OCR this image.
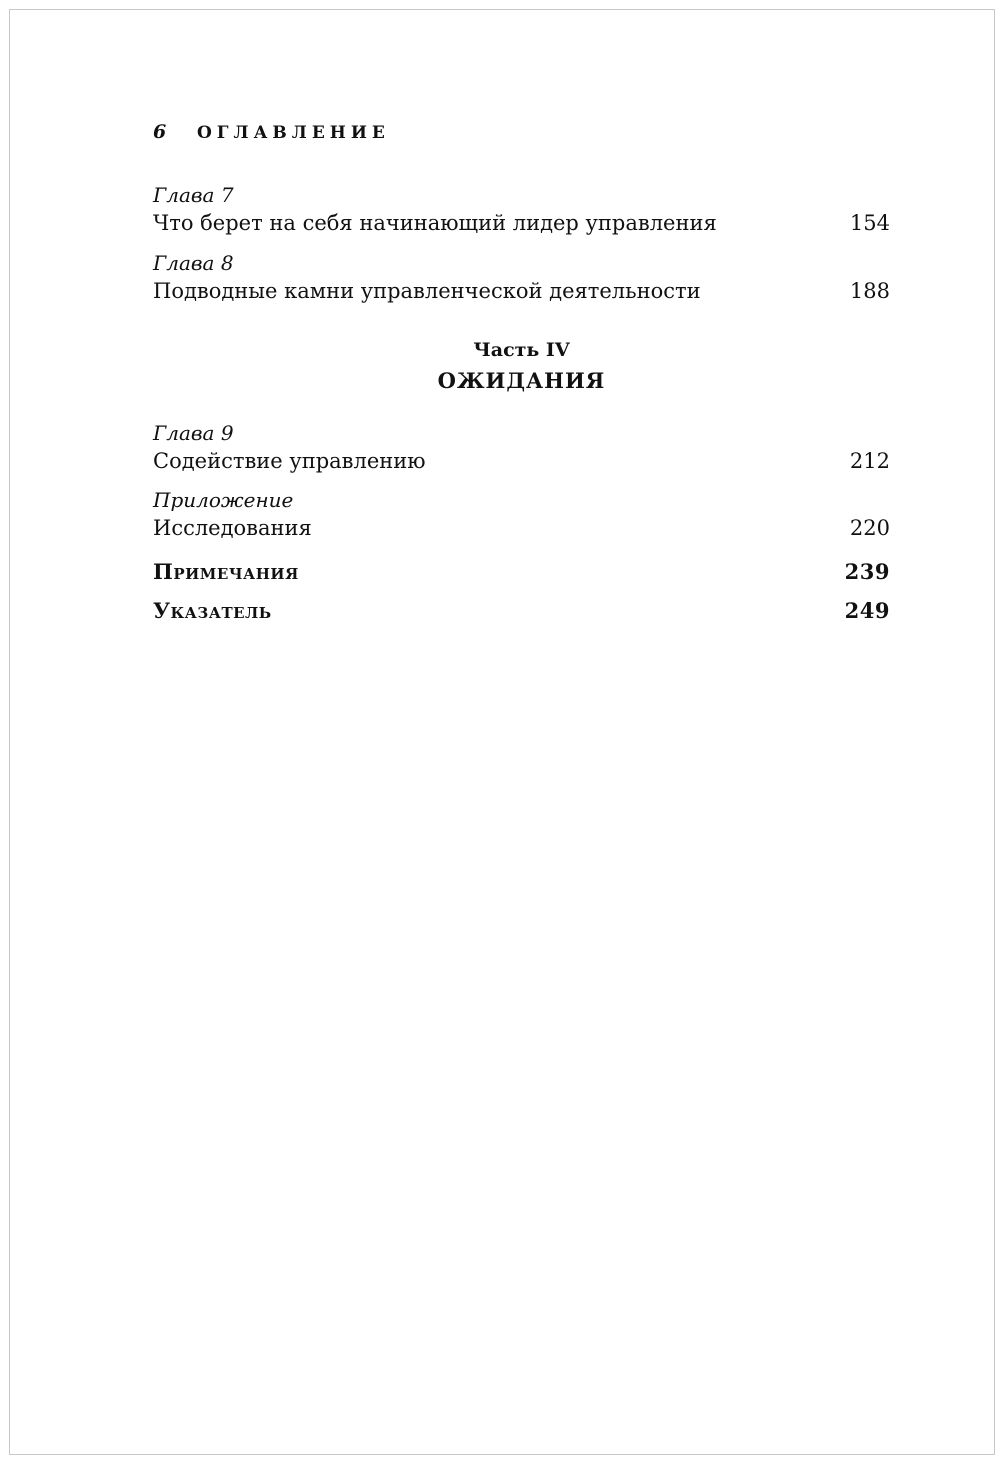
6	ОГЛАВЛЕНИЕ
Глава 7
Что берет на себя начинающий лидер управления	154
Глава 8
Подводные камни управленческой деятельности	188
Часть IV
ОЖИДАНИЯ
Глава 9
Содействие управлению	212
Приложение
Исследования	220
Примечания	239
Указатель	249
